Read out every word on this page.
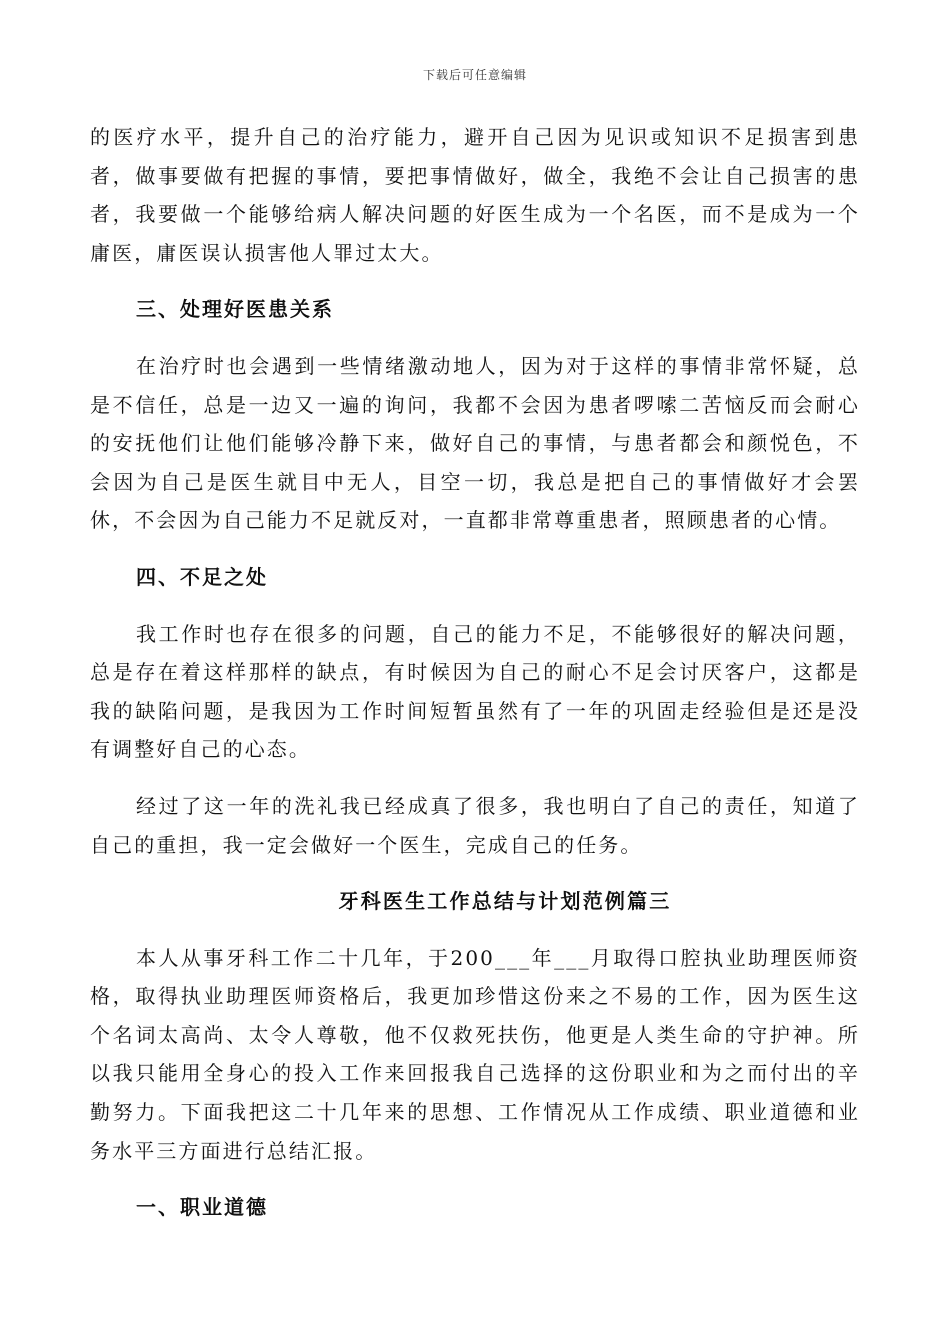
下载后可任意编辑

的医疗水平，提升自己的治疗能力，避开自己因为见识或知识不足损害到患者，做事要做有把握的事情，要把事情做好，做全，我绝不会让自己损害的患者，我要做一个能够给病人解决问题的好医生成为一个名医，而不是成为一个庸医，庸医误认损害他人罪过太大。

三、处理好医患关系

在治疗时也会遇到一些情绪激动地人，因为对于这样的事情非常怀疑，总是不信任，总是一边又一遍的询问，我都不会因为患者啰嗦二苦恼反而会耐心的安抚他们让他们能够冷静下来，做好自己的事情，与患者都会和颜悦色，不会因为自己是医生就目中无人，目空一切，我总是把自己的事情做好才会罢休，不会因为自己能力不足就反对，一直都非常尊重患者，照顾患者的心情。

四、不足之处

我工作时也存在很多的问题，自己的能力不足，不能够很好的解决问题，总是存在着这样那样的缺点，有时候因为自己的耐心不足会讨厌客户，这都是我的缺陷问题，是我因为工作时间短暂虽然有了一年的巩固走经验但是还是没有调整好自己的心态。

经过了这一年的洗礼我已经成真了很多，我也明白了自己的责任，知道了自己的重担，我一定会做好一个医生，完成自己的任务。

牙科医生工作总结与计划范例篇三

本人从事牙科工作二十几年，于200___年___月取得口腔执业助理医师资格，取得执业助理医师资格后，我更加珍惜这份来之不易的工作，因为医生这个名词太高尚、太令人尊敬，他不仅救死扶伤，他更是人类生命的守护神。所以我只能用全身心的投入工作来回报我自己选择的这份职业和为之而付出的辛勤努力。下面我把这二十几年来的思想、工作情况从工作成绩、职业道德和业务水平三方面进行总结汇报。

一、职业道德
